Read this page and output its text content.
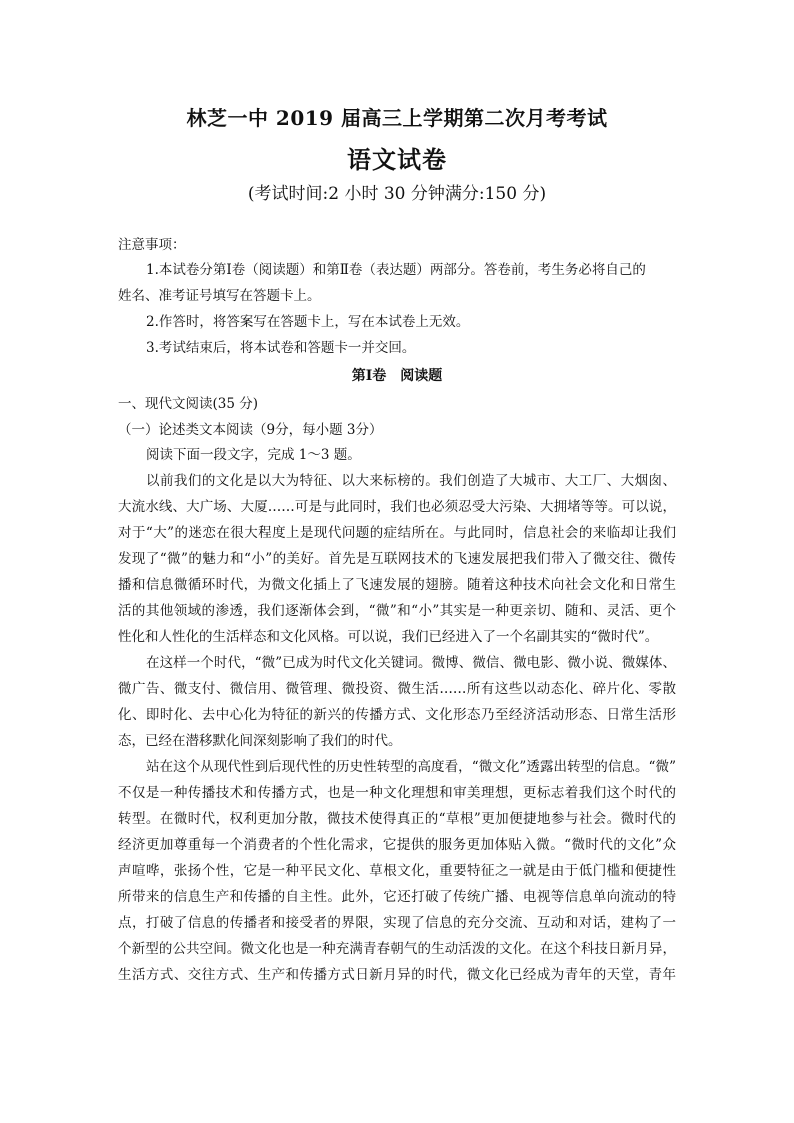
林芝一中 2019 届高三上学期第二次月考考试
语文试卷
(考试时间:2 小时 30 分钟满分:150 分)
注意事项：
1.本试卷分第Ⅰ卷（阅读题）和第Ⅱ卷（表达题）两部分。答卷前，考生务必将自己的
姓名、准考证号填写在答题卡上。
2.作答时，将答案写在答题卡上，写在本试卷上无效。
3.考试结束后，将本试卷和答题卡一并交回。
第Ⅰ卷　阅读题
一、现代文阅读(35 分)
（一）论述类文本阅读（9分，每小题 3分）
阅读下面一段文字，完成 1～3 题。
以前我们的文化是以大为特征、以大来标榜的。我们创造了大城市、大工厂、大烟囱、
大流水线、大广场、大厦……可是与此同时，我们也必须忍受大污染、大拥堵等等。可以说，
对于“大”的迷恋在很大程度上是现代问题的症结所在。与此同时，信息社会的来临却让我们
发现了“微”的魅力和“小”的美好。首先是互联网技术的飞速发展把我们带入了微交往、微传
播和信息微循环时代，为微文化插上了飞速发展的翅膀。随着这种技术向社会文化和日常生
活的其他领域的渗透，我们逐渐体会到，“微”和“小”其实是一种更亲切、随和、灵活、更个
性化和人性化的生活样态和文化风格。可以说，我们已经进入了一个名副其实的“微时代”。
在这样一个时代，“微”已成为时代文化关键词。微博、微信、微电影、微小说、微媒体、
微广告、微支付、微信用、微管理、微投资、微生活……所有这些以动态化、碎片化、零散
化、即时化、去中心化为特征的新兴的传播方式、文化形态乃至经济活动形态、日常生活形
态，已经在潜移默化间深刻影响了我们的时代。
站在这个从现代性到后现代性的历史性转型的高度看，“微文化”透露出转型的信息。“微”
不仅是一种传播技术和传播方式，也是一种文化理想和审美理想，更标志着我们这个时代的
转型。在微时代，权利更加分散，微技术使得真正的“草根”更加便捷地参与社会。微时代的
经济更加尊重每一个消费者的个性化需求，它提供的服务更加体贴入微。“微时代的文化”众
声喧哗，张扬个性，它是一种平民文化、草根文化，重要特征之一就是由于低门槛和便捷性
所带来的信息生产和传播的自主性。此外，它还打破了传统广播、电视等信息单向流动的特
点，打破了信息的传播者和接受者的界限，实现了信息的充分交流、互动和对话，建构了一
个新型的公共空间。微文化也是一种充满青春朝气的生动活泼的文化。在这个科技日新月异，
生活方式、交往方式、生产和传播方式日新月异的时代，微文化已经成为青年的天堂，青年
